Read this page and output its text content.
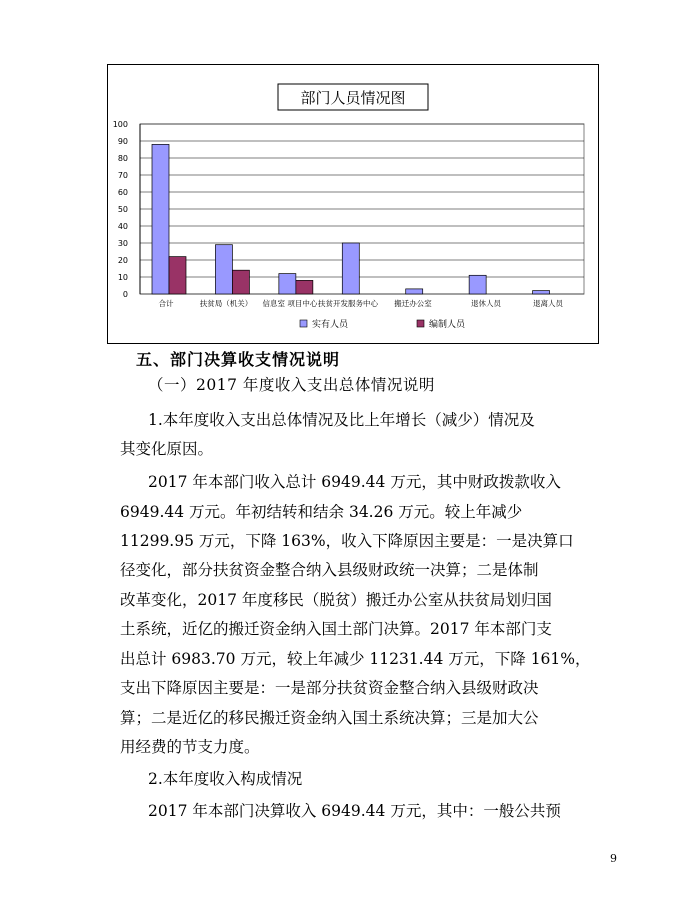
部门人员情况图
0
10
20
30
40
50
60
70
80
90
100
合计	扶贫局（机关） 信息室 项目中心 扶贫开发服务中心 搬迁办公室	退休人员	退离人员
实有人员	编制人员
五、部门决算收支情况说明
（一）2017 年度收入支出总体情况说明
1.本年度收入支出总体情况及比上年增长（减少）情况及
其变化原因。
2017 年本部门收入总计 6949.44 万元，其中财政拨款收入
6949.44 万元。年初结转和结余 34.26 万元。较上年减少
11299.95 万元，下降 163%，收入下降原因主要是：一是决算口
径变化，部分扶贫资金整合纳入县级财政统一决算；二是体制
改革变化，2017 年度移民（脱贫）搬迁办公室从扶贫局划归国
土系统，近亿的搬迁资金纳入国土部门决算。2017 年本部门支
出总计 6983.70 万元，较上年减少 11231.44 万元，下降 161%，
支出下降原因主要是：一是部分扶贫资金整合纳入县级财政决
算；二是近亿的移民搬迁资金纳入国土系统决算；三是加大公
用经费的节支力度。
2.本年度收入构成情况
2017 年本部门决算收入 6949.44 万元，其中：一般公共预
9
